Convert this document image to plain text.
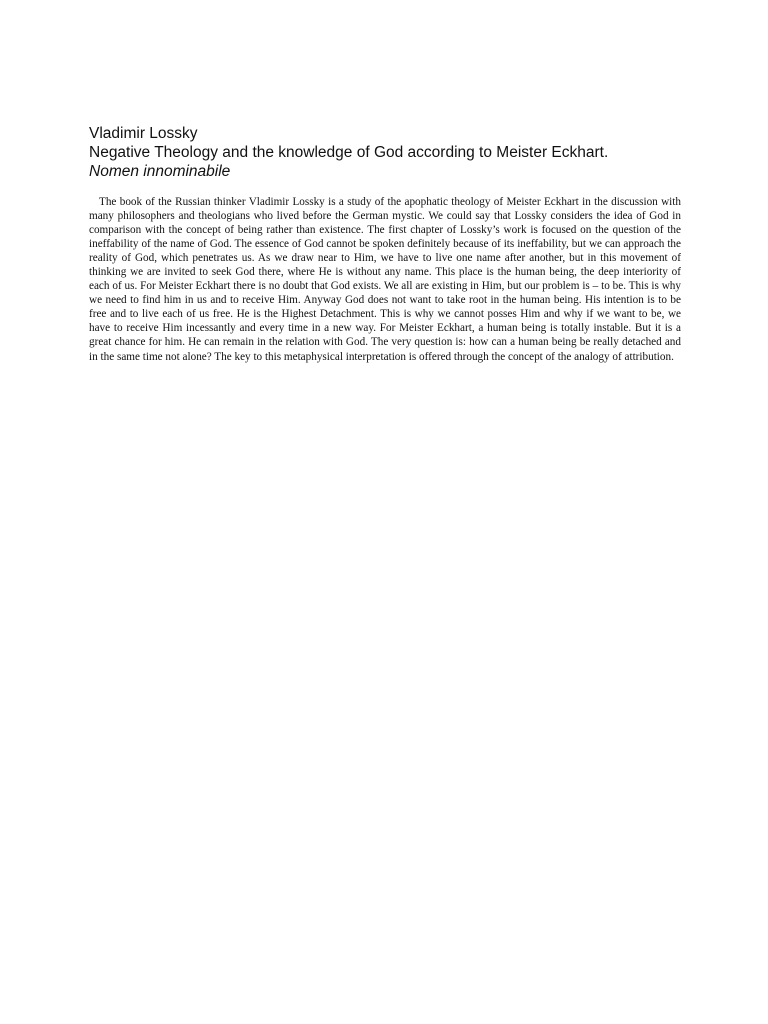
Vladimir Lossky

Negative Theology and the knowledge of God according to Meister Eckhart.

Nomen innominabile

The book of the Russian thinker Vladimir Lossky is a study of the apophatic theology of Meister Eckhart in the discussion with many philosophers and theologians who lived before the German mystic. We could say that Lossky considers the idea of God in comparison with the concept of being rather than existence. The first chapter of Lossky’s work is focused on the question of the ineffability of the name of God. The essence of God cannot be spoken definitely because of its ineffability, but we can approach the reality of God, which penetrates us. As we draw near to Him, we have to live one name after another, but in this movement of thinking we are invited to seek God there, where He is without any name. This place is the human being, the deep interiority of each of us. For Meister Eckhart there is no doubt that God exists. We all are existing in Him, but our problem is – to be. This is why we need to find him in us and to receive Him. Anyway God does not want to take root in the human being. His intention is to be free and to live each of us free. He is the Highest Detachment. This is why we cannot posses Him and why if we want to be, we have to receive Him incessantly and every time in a new way. For Meister Eckhart, a human being is totally instable. But it is a great chance for him. He can remain in the relation with God. The very question is: how can a human being be really detached and in the same time not alone? The key to this metaphysical interpretation is offered through the concept of the analogy of attribution.
